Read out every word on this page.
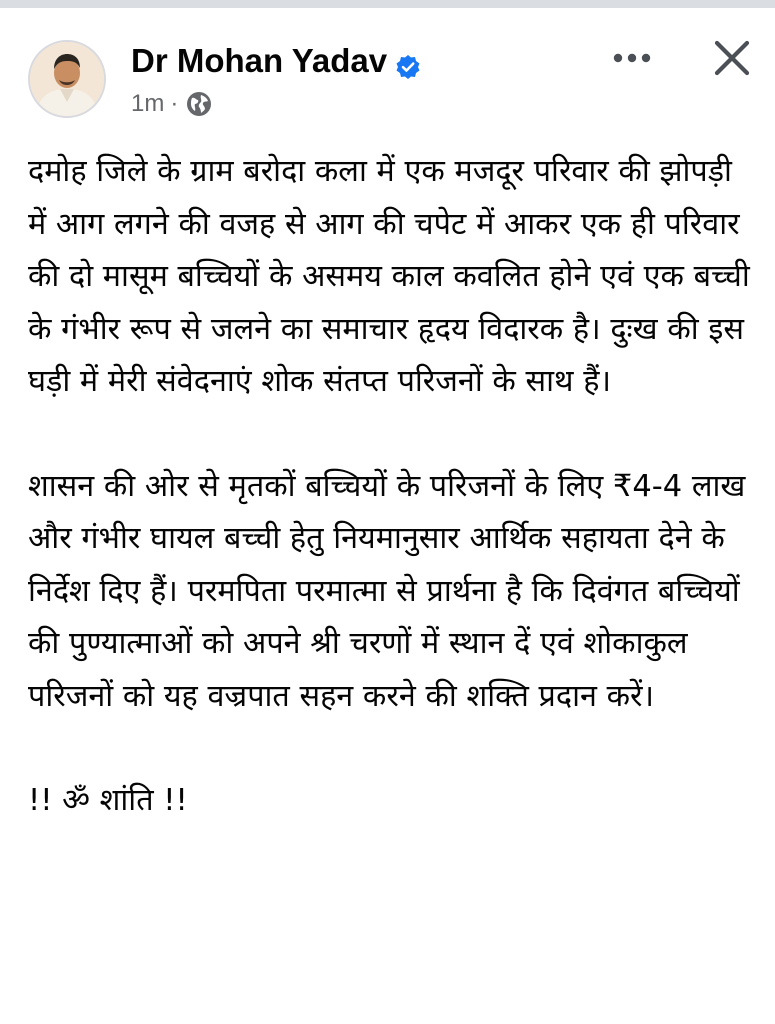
Dr Mohan Yadav
1m ·

दमोह जिले के ग्राम बरोदा कला में एक मजदूर परिवार की झोपड़ी में आग लगने की वजह से आग की चपेट में आकर एक ही परिवार की दो मासूम बच्चियों के असमय काल कवलित होने एवं एक बच्ची के गंभीर रूप से जलने का समाचार हृदय विदारक है। दुःख की इस घड़ी में मेरी संवेदनाएं शोक संतप्त परिजनों के साथ हैं।

शासन की ओर से मृतकों बच्चियों के परिजनों के लिए ₹4-4 लाख और गंभीर घायल बच्ची हेतु नियमानुसार आर्थिक सहायता देने के निर्देश दिए हैं। परमपिता परमात्मा से प्रार्थना है कि दिवंगत बच्चियों की पुण्यात्माओं को अपने श्री चरणों में स्थान दें एवं शोकाकुल परिजनों को यह वज्रपात सहन करने की शक्ति प्रदान करें।

!! ॐ शांति !!
